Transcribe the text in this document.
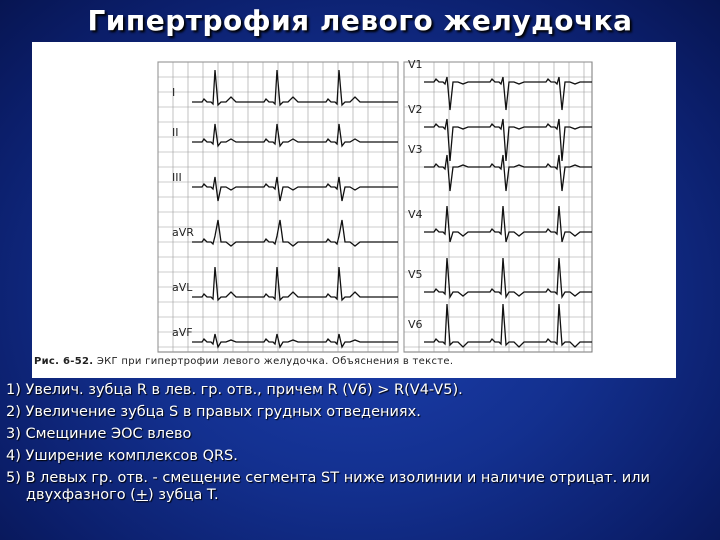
Гипертрофия левого желудочка
I
II
III
aVR
aVL
aVF
V1
V2
V3
V4
V5
V6
Рис. 6-52. ЭКГ при гипертрофии левого желудочка. Объяснения в тексте.
1) Увелич. зубца R в лев. гр. отв., причем R (V6) > R(V4-V5).
2) Увеличение зубца S в правых грудных отведениях.
3) Смещиние ЭОС влево
4) Уширение комплексов QRS.
5) В левых гр. отв. - смещение сегмента ST ниже изолинии и наличие отрицат. или двухфазного (+) зубца T.
